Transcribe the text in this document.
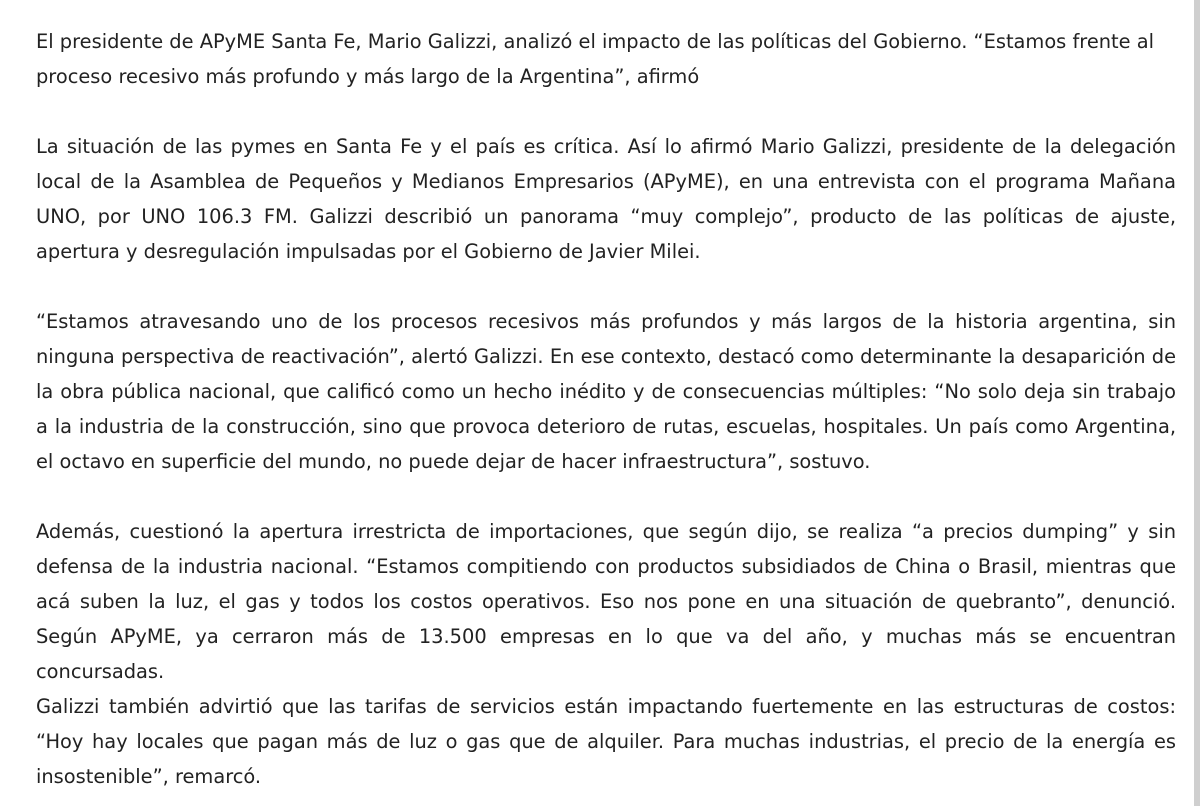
El presidente de APyME Santa Fe, Mario Galizzi, analizó el impacto de las políticas del Gobierno. “Estamos frente al proceso recesivo más profundo y más largo de la Argentina”, afirmó

La situación de las pymes en Santa Fe y el país es crítica. Así lo afirmó Mario Galizzi, presidente de la delegación local de la Asamblea de Pequeños y Medianos Empresarios (APyME), en una entrevista con el programa Mañana UNO, por UNO 106.3 FM. Galizzi describió un panorama “muy complejo”, producto de las políticas de ajuste, apertura y desregulación impulsadas por el Gobierno de Javier Milei.

“Estamos atravesando uno de los procesos recesivos más profundos y más largos de la historia argentina, sin ninguna perspectiva de reactivación”, alertó Galizzi. En ese contexto, destacó como determinante la desaparición de la obra pública nacional, que calificó como un hecho inédito y de consecuencias múltiples: “No solo deja sin trabajo a la industria de la construcción, sino que provoca deterioro de rutas, escuelas, hospitales. Un país como Argentina, el octavo en superficie del mundo, no puede dejar de hacer infraestructura”, sostuvo.

Además, cuestionó la apertura irrestricta de importaciones, que según dijo, se realiza “a precios dumping” y sin defensa de la industria nacional. “Estamos compitiendo con productos subsidiados de China o Brasil, mientras que acá suben la luz, el gas y todos los costos operativos. Eso nos pone en una situación de quebranto”, denunció. Según APyME, ya cerraron más de 13.500 empresas en lo que va del año, y muchas más se encuentran concursadas.

Galizzi también advirtió que las tarifas de servicios están impactando fuertemente en las estructuras de costos: “Hoy hay locales que pagan más de luz o gas que de alquiler. Para muchas industrias, el precio de la energía es insostenible”, remarcó.
